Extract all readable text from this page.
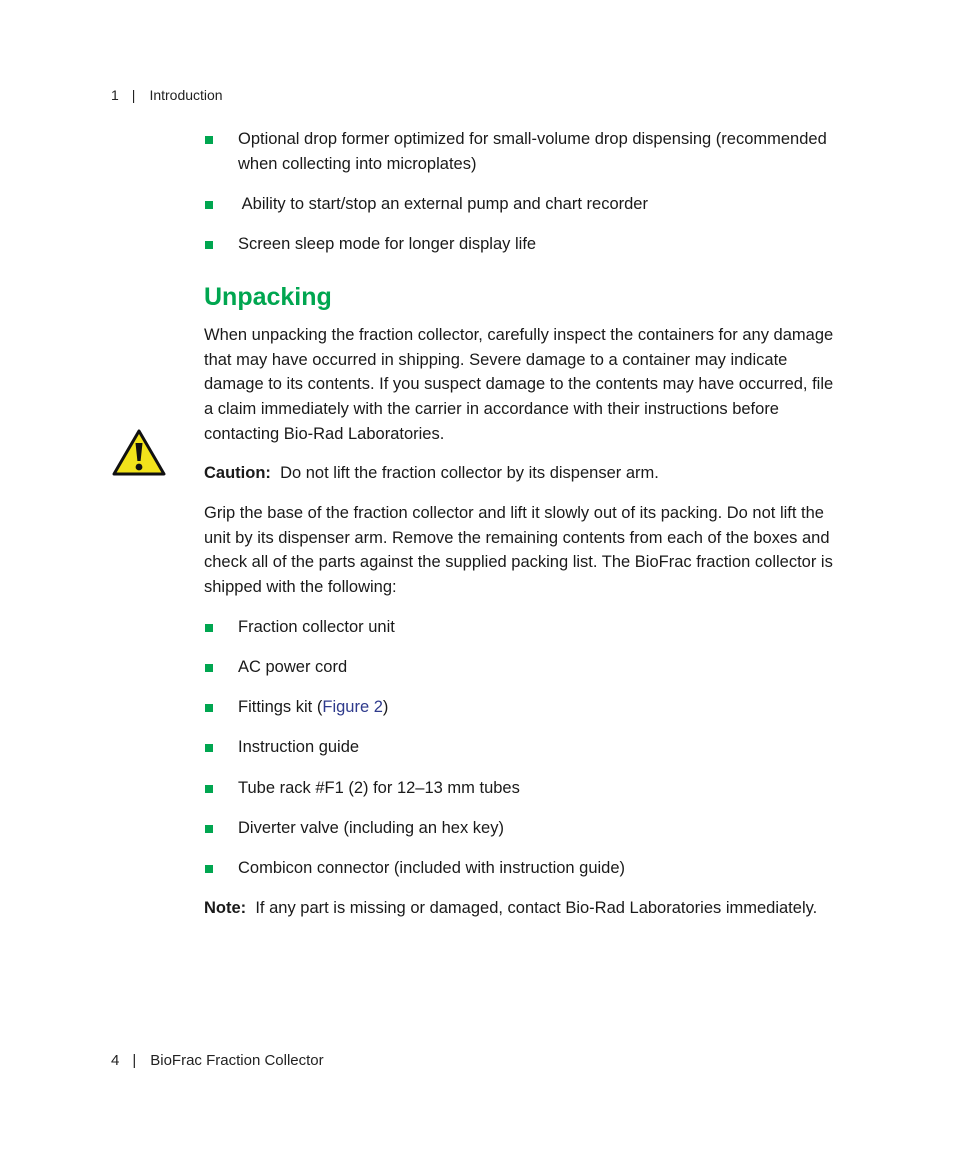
1 | Introduction
Optional drop former optimized for small-volume drop dispensing (recommended when collecting into microplates)
Ability to start/stop an external pump and chart recorder
Screen sleep mode for longer display life
Unpacking

When unpacking the fraction collector, carefully inspect the containers for any damage that may have occurred in shipping. Severe damage to a container may indicate damage to its contents. If you suspect damage to the contents may have occurred, file a claim immediately with the carrier in accordance with their instructions before contacting Bio-Rad Laboratories.

Caution: Do not lift the fraction collector by its dispenser arm.

Grip the base of the fraction collector and lift it slowly out of its packing. Do not lift the unit by its dispenser arm. Remove the remaining contents from each of the boxes and check all of the parts against the supplied packing list. The BioFrac fraction collector is shipped with the following:

Fraction collector unit
AC power cord
Fittings kit (Figure 2)
Instruction guide
Tube rack #F1 (2) for 12–13 mm tubes
Diverter valve (including an hex key)
Combicon connector (included with instruction guide)

Note: If any part is missing or damaged, contact Bio-Rad Laboratories immediately.

4 | BioFrac Fraction Collector
